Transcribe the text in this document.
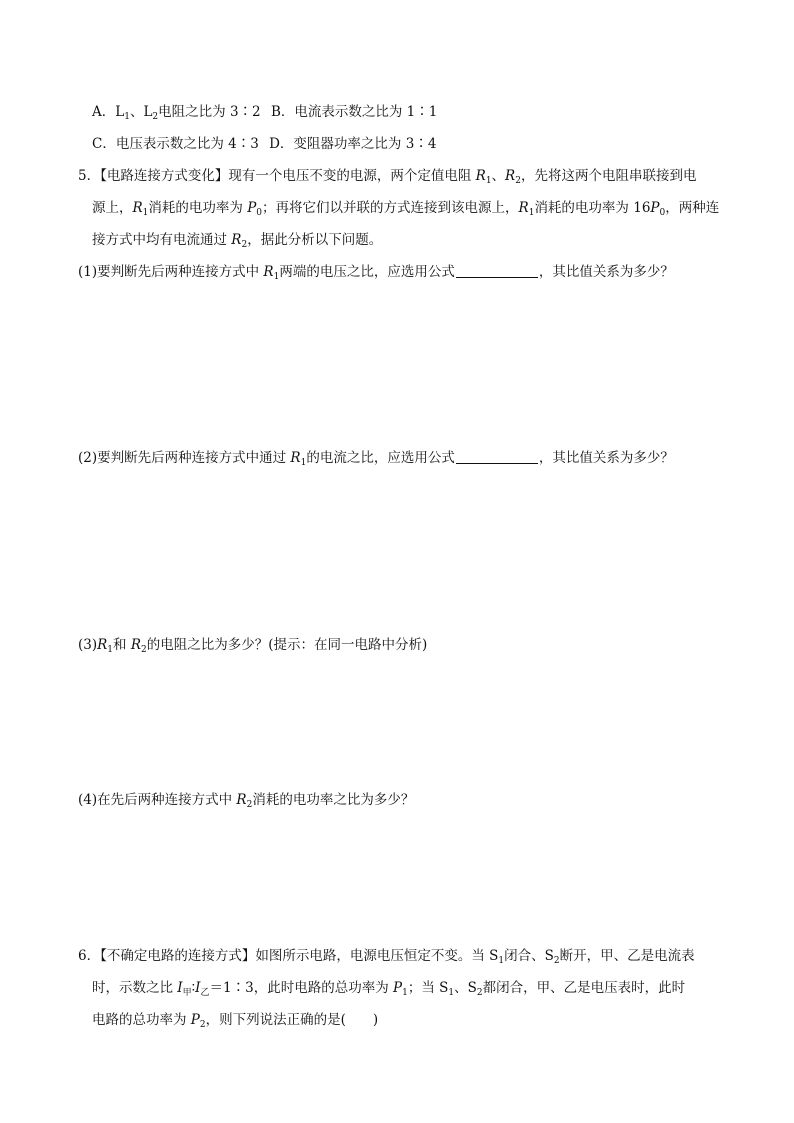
A．$L_1$、$L_2$电阻之比为 3∶2 B．电流表示数之比为 1∶1
C．电压表示数之比为 4∶3 D．变阻器功率之比为 3∶4
5．【电路连接方式变化】现有一个电压不变的电源，两个定值电阻 $R_1$、$R_2$，先将这两个电阻串联接到电
源上，$R_1$消耗的电功率为 $P_0$；再将它们以并联的方式连接到该电源上，$R_1$消耗的电功率为 $16P_0$，两种连
接方式中均有电流通过 $R_2$，据此分析以下问题。
(1)要判断先后两种连接方式中 $R_1$两端的电压之比，应选用公式	，其比值关系为多少？
(2)要判断先后两种连接方式中通过 $R_1$的电流之比，应选用公式	，其比值关系为多少？
$(3)R_1$和 $R_2$的电阻之比为多少？(提示：在同一电路中分析)
(4)在先后两种连接方式中 $R_2$消耗的电功率之比为多少？
6．【不确定电路的连接方式】如图所示电路，电源电压恒定不变。当 $S_1$闭合、$S_2$断开，甲、乙是电流表
时，示数之比 $I_甲∶I_乙=1∶3$，此时电路的总功率为 $P_1$；当 $S_1$、$S_2$都闭合，甲、乙是电压表时，此时
电路的总功率为 $P_2$，则下列说法正确的是(　　)
